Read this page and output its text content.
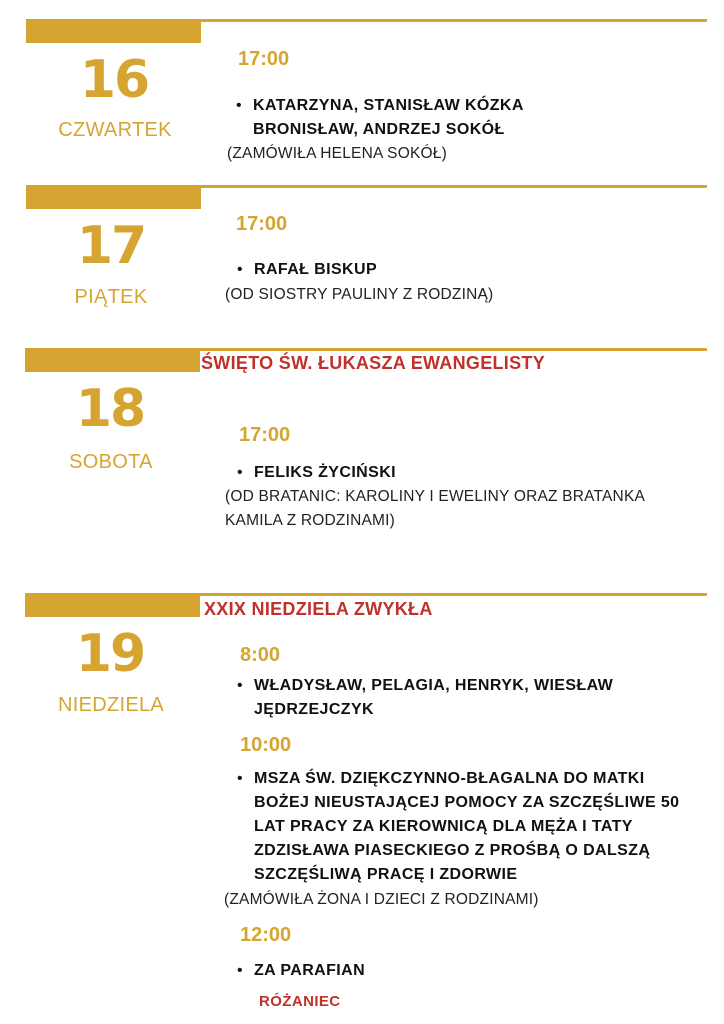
16
CZWARTEK
17:00
• KATARZYNA, STANISŁAW KÓZKA BRONISŁAW, ANDRZEJ SOKÓŁ
(ZAMÓWIŁA HELENA SOKÓŁ)
17
PIĄTEK
17:00
• RAFAŁ BISKUP
(OD SIOSTRY PAULINY Z RODZINĄ)
ŚWIĘTO ŚW. ŁUKASZA EWANGELISTY
18
SOBOTA
17:00
• FELIKS ŻYCIŃSKI
(OD BRATANIC: KAROLINY I EWELINY ORAZ BRATANKA KAMILA Z RODZINAMI)
XXIX NIEDZIELA ZWYKŁA
19
NIEDZIELA
8:00
• WŁADYSŁAW, PELAGIA, HENRYK, WIESŁAW JĘDRZEJCZYK
10:00
• MSZA ŚW. DZIĘKCZYNNO-BŁAGALNA DO MATKI BOŻEJ NIEUSTAJĄCEJ POMOCY ZA SZCZĘŚLIWE 50 LAT PRACY ZA KIEROWNICĄ DLA MĘŻA I TATY ZDZISŁAWA PIASECKIEGO Z PROŚBĄ O DALSZĄ SZCZĘŚLIWĄ PRACĘ I ZDORWIE
(ZAMÓWIŁA ŻONA I DZIECI Z RODZINAMI)
12:00
• ZA PARAFIAN
RÓŻANIEC
